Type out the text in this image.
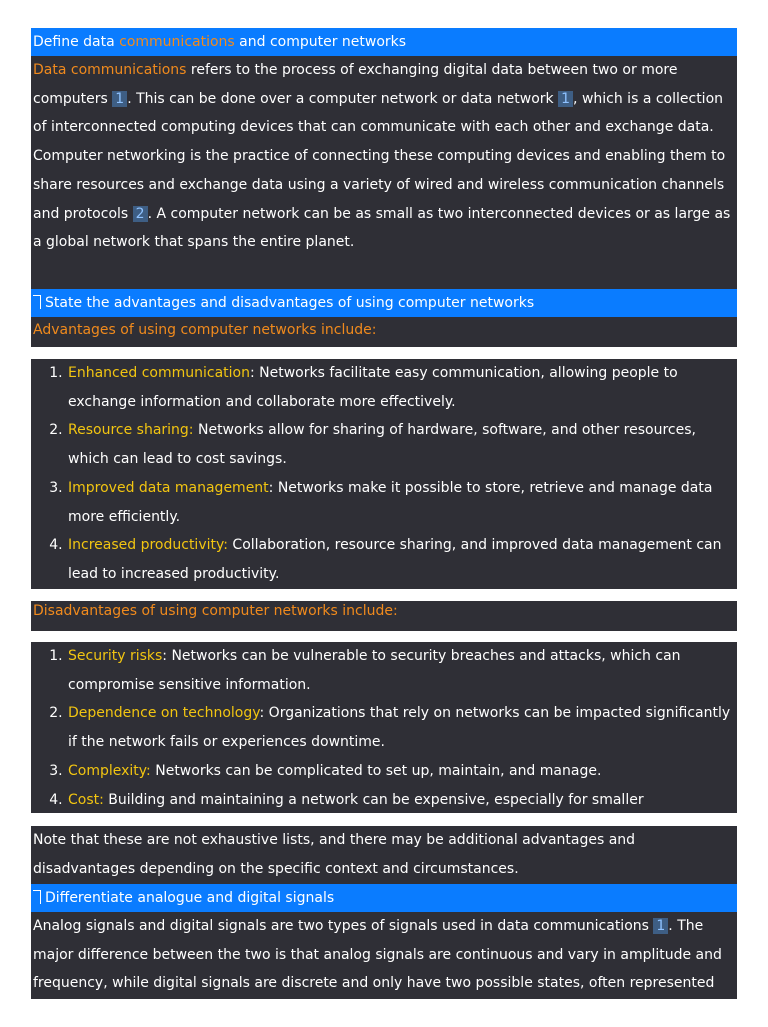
Define data communications and computer networks
Data communications refers to the process of exchanging digital data between two or more computers 1 . This can be done over a computer network or data network 1 , which is a collection of interconnected computing devices that can communicate with each other and exchange data. Computer networking is the practice of connecting these computing devices and enabling them to share resources and exchange data using a variety of wired and wireless communication channels and protocols 2 . A computer network can be as small as two interconnected devices or as large as a global network that spans the entire planet.
State the advantages and disadvantages of using computer networks
Advantages of using computer networks include:
1. Enhanced communication: Networks facilitate easy communication, allowing people to exchange information and collaborate more effectively.
2. Resource sharing: Networks allow for sharing of hardware, software, and other resources, which can lead to cost savings.
3. Improved data management: Networks make it possible to store, retrieve and manage data more efficiently.
4. Increased productivity: Collaboration, resource sharing, and improved data management can lead to increased productivity.
Disadvantages of using computer networks include:
1. Security risks: Networks can be vulnerable to security breaches and attacks, which can compromise sensitive information.
2. Dependence on technology: Organizations that rely on networks can be impacted significantly if the network fails or experiences downtime.
3. Complexity: Networks can be complicated to set up, maintain, and manage.
4. Cost: Building and maintaining a network can be expensive, especially for smaller
Note that these are not exhaustive lists, and there may be additional advantages and disadvantages depending on the specific context and circumstances.
Differentiate analogue and digital signals
Analog signals and digital signals are two types of signals used in data communications 1 . The major difference between the two is that analog signals are continuous and vary in amplitude and frequency, while digital signals are discrete and only have two possible states, often represented by 0 and 1.
